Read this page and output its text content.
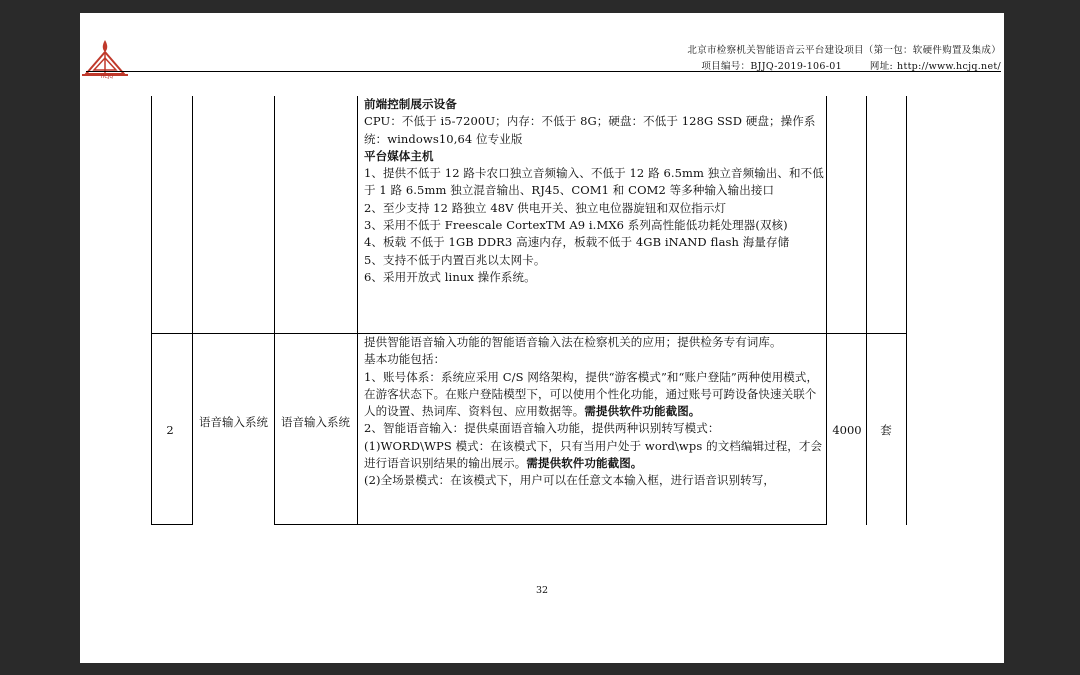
HCJQ
北京市检察机关智能语音云平台建设项目（第一包：软硬件购置及集成）
项目编号：BJJQ-2019-106-01	网址: http://www.hcjq.net/

前端控制展示设备

CPU：不低于 i5-7200U；内存：不低于 8G；硬盘：不低于 128G SSD 硬盘；操作系统：windows10,64 位专业版

平台媒体主机

1、提供不低于 12 路卡农口独立音频输入、不低于 12 路 6.5mm 独立音频输出、和不低于 1 路 6.5mm 独立混音输出、RJ45、COM1 和 COM2 等多种输入输出接口

2、至少支持 12 路独立 48V 供电开关、独立电位器旋钮和双位指示灯

3、采用不低于 Freescale CortexTM A9 i.MX6 系列高性能低功耗处理器(双核)

4、板载 不低于 1GB DDR3 高速内存，板载不低于 4GB iNAND flash 海量存储

5、支持不低于内置百兆以太网卡。

6、采用开放式 linux 操作系统。

2
语音输入系统 语音输入系统

提供智能语音输入功能的智能语音输入法在检察机关的应用；提供检务专有词库。

基本功能包括：

1、账号体系：系统应采用 C/S 网络架构，提供“游客模式”和“账户登陆”两种使用模式，在游客状态下。在账户登陆模型下，可以使用个性化功能，通过账号可跨设备快速关联个人的设置、热词库、资料包、应用数据等。需提供软件功能截图。

2、智能语音输入：提供桌面语音输入功能，提供两种识别转写模式：

(1)WORD\WPS 模式：在该模式下，只有当用户处于 word\wps 的文档编辑过程，才会进行语音识别结果的输出展示。需提供软件功能截图。

(2)全场景模式：在该模式下，用户可以在任意文本输入框，进行语音识别转写，

4000	套
32
